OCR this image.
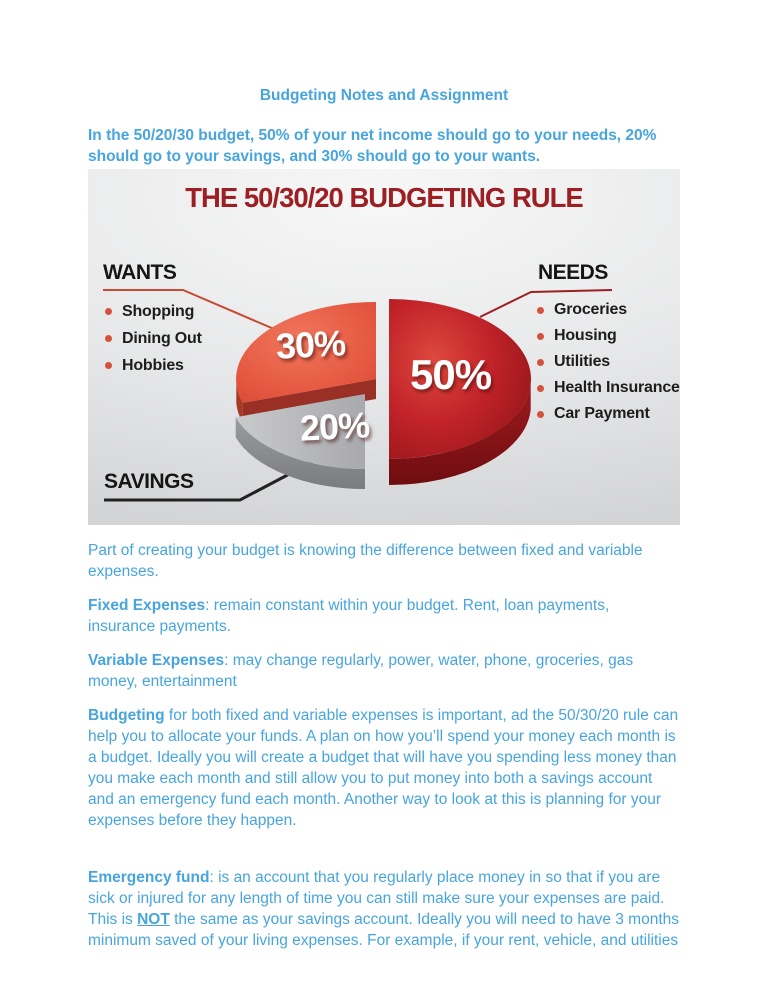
Budgeting Notes and Assignment

In the 50/20/30 budget, 50% of your net income should go to your needs, 20% should go to your savings, and 30% should go to your wants.

THE 50/30/20 BUDGETING RULE
WANTS
Shopping
Dining Out
Hobbies
NEEDS
Groceries
Housing
Utilities
Health Insurance
Car Payment
SAVINGS
50%
30%
20%

Part of creating your budget is knowing the difference between fixed and variable expenses.

Fixed Expenses: remain constant within your budget. Rent, loan payments, insurance payments.

Variable Expenses: may change regularly, power, water, phone, groceries, gas money, entertainment

Budgeting for both fixed and variable expenses is important, ad the 50/30/20 rule can help you to allocate your funds. A plan on how you’ll spend your money each month is a budget. Ideally you will create a budget that will have you spending less money than you make each month and still allow you to put money into both a savings account and an emergency fund each month. Another way to look at this is planning for your expenses before they happen.

Emergency fund: is an account that you regularly place money in so that if you are sick or injured for any length of time you can still make sure your expenses are paid. This is NOT the same as your savings account. Ideally you will need to have 3 months minimum saved of your living expenses. For example, if your rent, vehicle, and utilities
